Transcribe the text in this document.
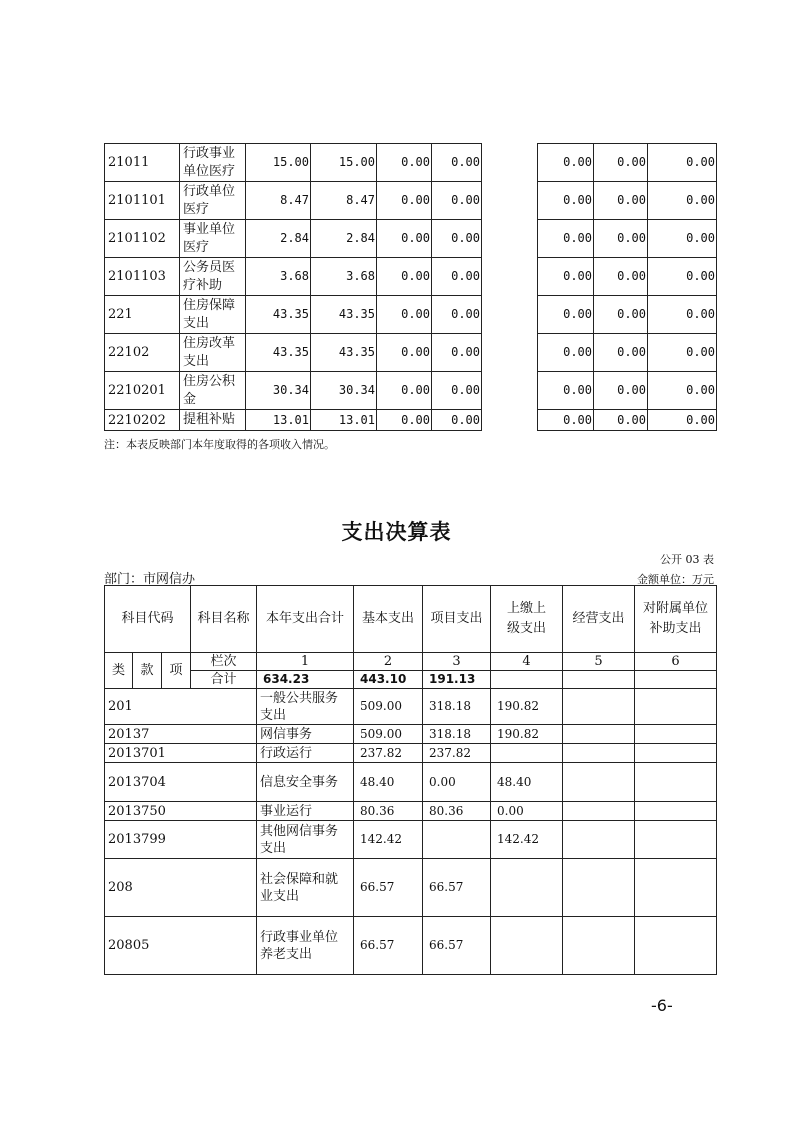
21011	行政事业单位医疗	15.00	15.00	0.00	0.00		0.00	0.00	0.00
2101101	行政单位医疗	8.47	8.47	0.00	0.00		0.00	0.00	0.00
2101102	事业单位医疗	2.84	2.84	0.00	0.00		0.00	0.00	0.00
2101103	公务员医疗补助	3.68	3.68	0.00	0.00		0.00	0.00	0.00
221	住房保障支出	43.35	43.35	0.00	0.00		0.00	0.00	0.00
22102	住房改革支出	43.35	43.35	0.00	0.00		0.00	0.00	0.00
2210201	住房公积金	30.34	30.34	0.00	0.00		0.00	0.00	0.00
2210202	提租补贴	13.01	13.01	0.00	0.00		0.00	0.00	0.00
注：本表反映部门本年度取得的各项收入情况。
支出决算表
公开 03 表
部门：市网信办	金额单位：万元
科目代码			科目名称	本年支出合计	基本支出	项目支出	上缴上级支出	经营支出	对附属单位补助支出	
类	款	项	栏次	1	2	3	4	5	6	
			合计	634.23	443.10	191.13				
201				一般公共服务支出	509.00	318.18	190.82			
20137				网信事务	509.00	318.18	190.82			
2013701				行政运行	237.82	237.82				
2013704				信息安全事务	48.40	0.00	48.40			
2013750				事业运行	80.36	80.36	0.00			
2013799				其他网信事务支出	142.42		142.42			
208				社会保障和就业支出	66.57	66.57				
20805				行政事业单位养老支出	66.57	66.57				
-6-
